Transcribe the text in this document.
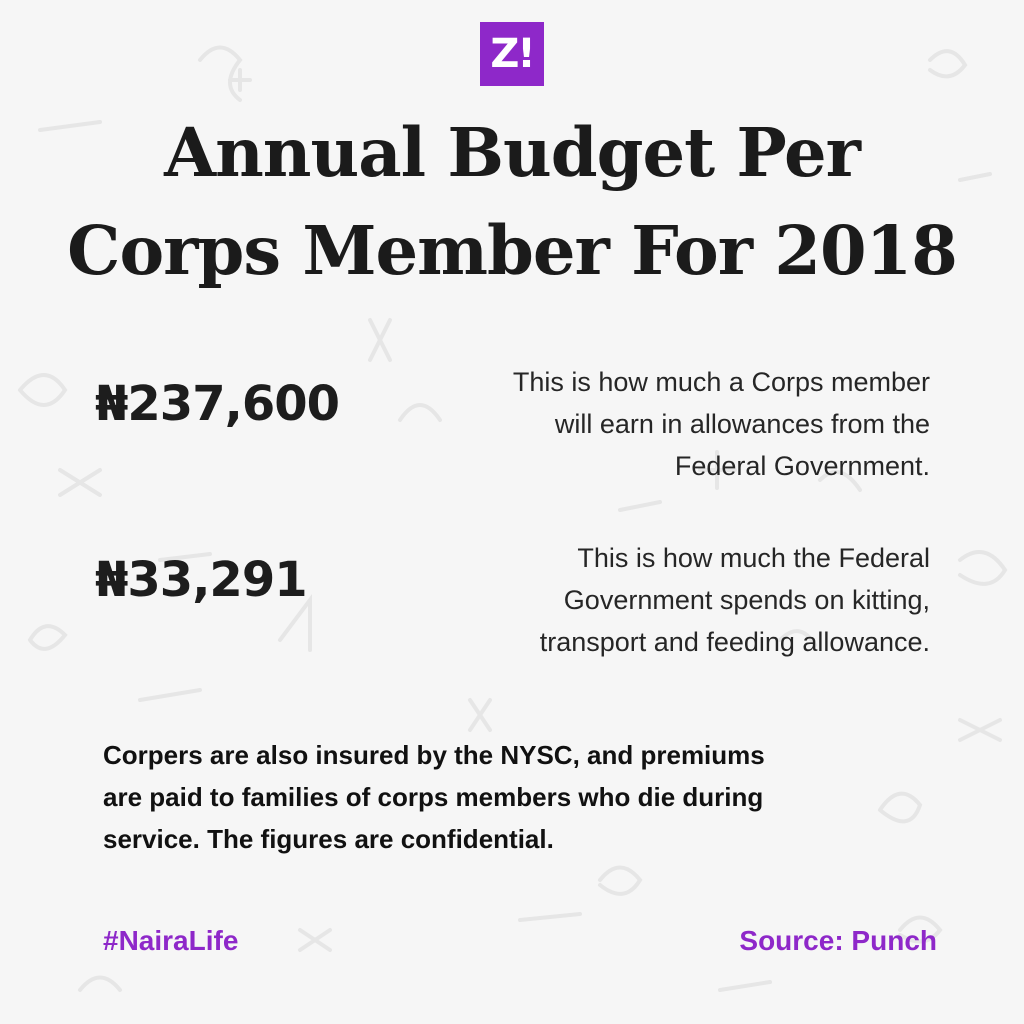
Z!
Annual Budget Per
Corps Member For 2018
₦237,600	This is how much a Corps member
will earn in allowances from the
Federal Government.

₦33,291	This is how much the Federal
Government spends on kitting,
transport and feeding allowance.

Corpers are also insured by the NYSC, and premiums
are paid to families of corps members who die during
service. The figures are confidential.

#NairaLife	Source: Punch
